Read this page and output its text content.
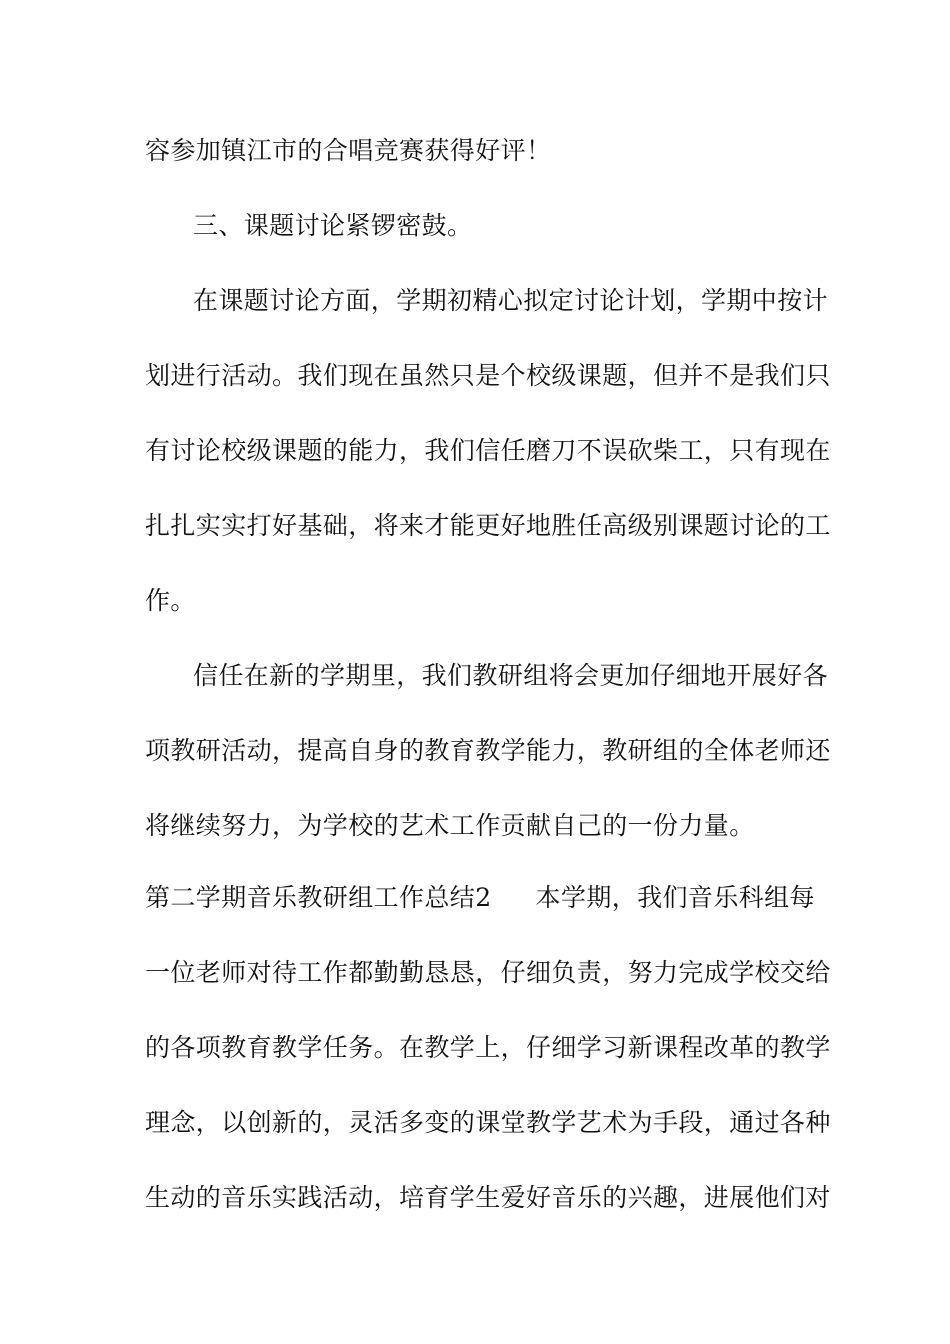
容参加镇江市的合唱竞赛获得好评！
三、课题讨论紧锣密鼓。
在课题讨论方面，学期初精心拟定讨论计划，学期中按计
划进行活动。我们现在虽然只是个校级课题，但并不是我们只
有讨论校级课题的能力，我们信任磨刀不误砍柴工，只有现在
扎扎实实打好基础，将来才能更好地胜任高级别课题讨论的工
作。
信任在新的学期里，我们教研组将会更加仔细地开展好各
项教研活动，提高自身的教育教学能力，教研组的全体老师还
将继续努力，为学校的艺术工作贡献自己的一份力量。
第二学期音乐教研组工作总结2 本学期，我们音乐科组每
一位老师对待工作都勤勤恳恳，仔细负责，努力完成学校交给
的各项教育教学任务。在教学上，仔细学习新课程改革的教学
理念，以创新的，灵活多变的课堂教学艺术为手段，通过各种
生动的音乐实践活动，培育学生爱好音乐的兴趣，进展他们对
